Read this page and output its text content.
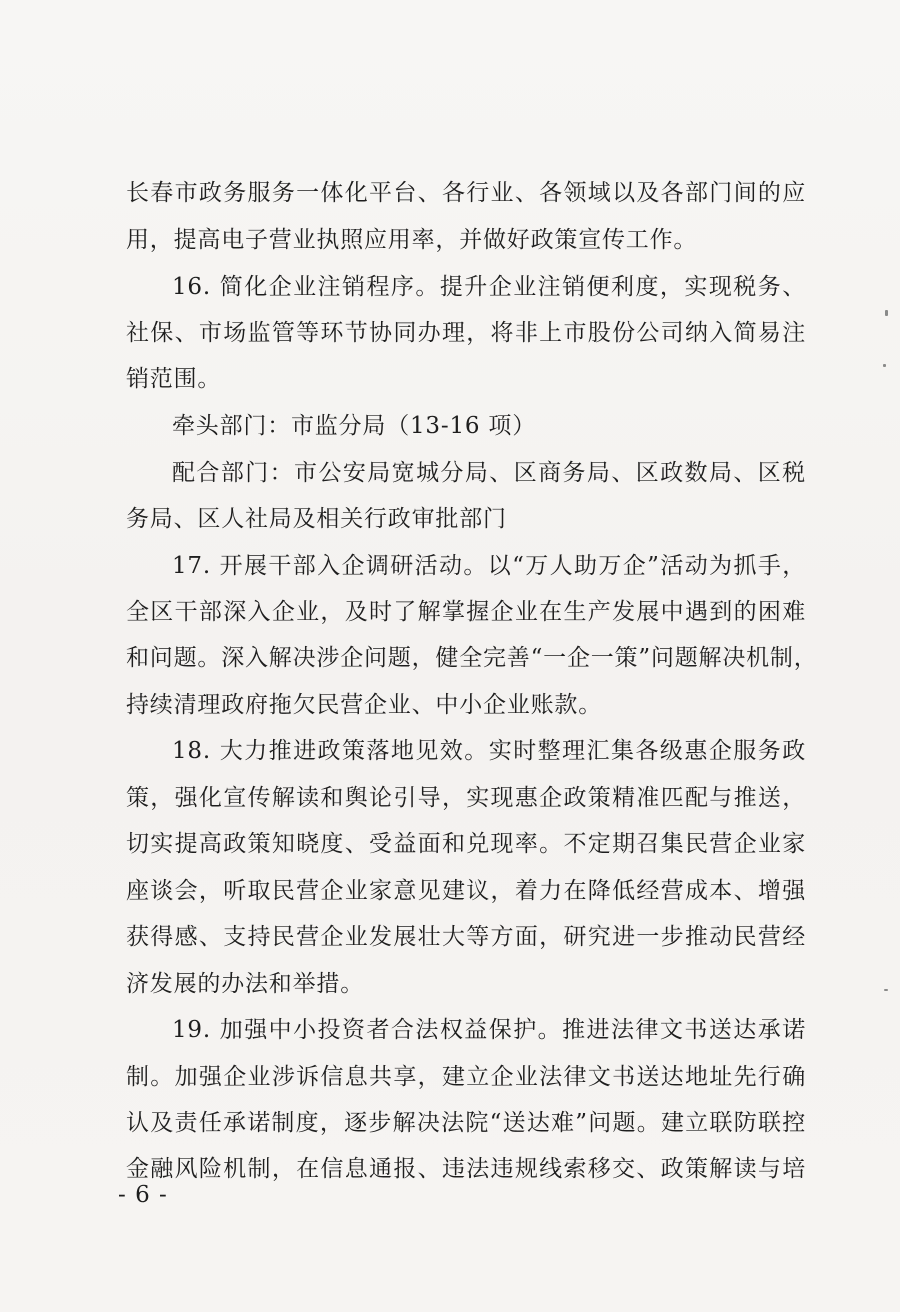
长春市政务服务一体化平台、各行业、各领域以及各部门间的应
用，提高电子营业执照应用率，并做好政策宣传工作。
16. 简化企业注销程序。提升企业注销便利度，实现税务、
社保、市场监管等环节协同办理，将非上市股份公司纳入简易注
销范围。
牵头部门：市监分局（13-16 项）
配合部门：市公安局宽城分局、区商务局、区政数局、区税
务局、区人社局及相关行政审批部门
17. 开展干部入企调研活动。以“万人助万企”活动为抓手，
全区干部深入企业，及时了解掌握企业在生产发展中遇到的困难
和问题。深入解决涉企问题，健全完善“一企一策”问题解决机制，
持续清理政府拖欠民营企业、中小企业账款。
18. 大力推进政策落地见效。实时整理汇集各级惠企服务政
策，强化宣传解读和舆论引导，实现惠企政策精准匹配与推送，
切实提高政策知晓度、受益面和兑现率。不定期召集民营企业家
座谈会，听取民营企业家意见建议，着力在降低经营成本、增强
获得感、支持民营企业发展壮大等方面，研究进一步推动民营经
济发展的办法和举措。
19. 加强中小投资者合法权益保护。推进法律文书送达承诺
制。加强企业涉诉信息共享，建立企业法律文书送达地址先行确
认及责任承诺制度，逐步解决法院“送达难”问题。建立联防联控
金融风险机制，在信息通报、违法违规线索移交、政策解读与培
- 6 -
